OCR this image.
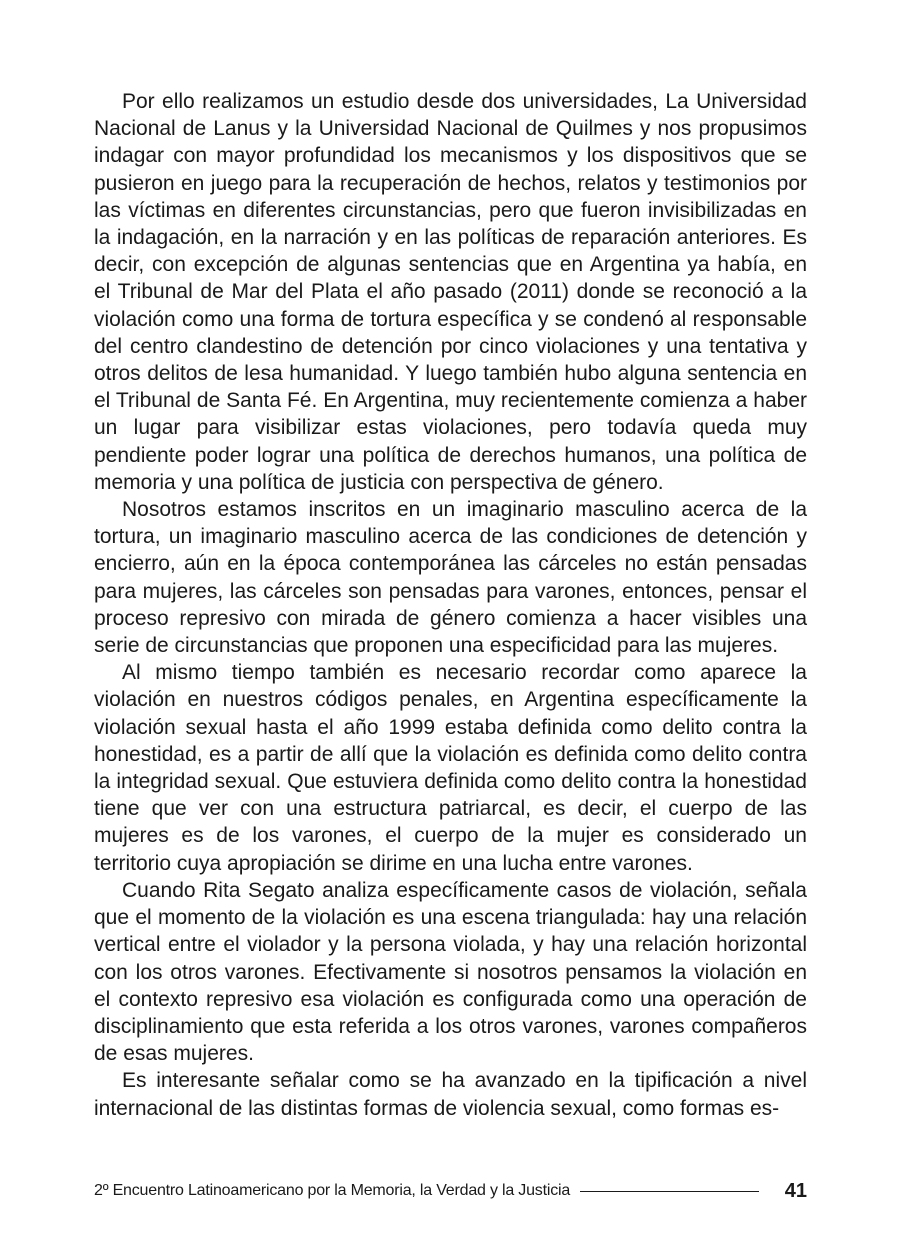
Por ello realizamos un estudio desde dos universidades, La Universidad Nacional de Lanus y la Universidad Nacional de Quilmes y nos propusimos indagar con mayor profundidad los mecanismos y los dispositivos que se pusieron en juego para la recuperación de hechos, relatos y testimonios por las víctimas en diferentes circunstancias, pero que fueron invisibilizadas en la indagación, en la narración y en las políticas de reparación anteriores. Es decir, con excepción de algunas sentencias que en Argentina ya había, en el Tribunal de Mar del Plata el año pasado (2011) donde se reconoció a la violación como una forma de tortura específica y se condenó al responsable del centro clandestino de detención por cinco violaciones y una tentativa y otros delitos de lesa humanidad. Y luego también hubo alguna sentencia en el Tribunal de Santa Fé. En Argentina, muy recientemente comienza a haber un lugar para visibilizar estas violaciones, pero todavía queda muy pendiente poder lograr una política de derechos humanos, una política de memoria y una política de justicia con perspectiva de género.

Nosotros estamos inscritos en un imaginario masculino acerca de la tortura, un imaginario masculino acerca de las condiciones de detención y encierro, aún en la época contemporánea las cárceles no están pensadas para mujeres, las cárceles son pensadas para varones, entonces, pensar el proceso represivo con mirada de género comienza a hacer visibles una serie de circunstancias que proponen una especificidad para las mujeres.

Al mismo tiempo también es necesario recordar como aparece la violación en nuestros códigos penales, en Argentina específicamente la violación sexual hasta el año 1999 estaba definida como delito contra la honestidad, es a partir de allí que la violación es definida como delito contra la integridad sexual. Que estuviera definida como delito contra la honestidad tiene que ver con una estructura patriarcal, es decir, el cuerpo de las mujeres es de los varones, el cuerpo de la mujer es considerado un territorio cuya apropiación se dirime en una lucha entre varones.

Cuando Rita Segato analiza específicamente casos de violación, señala que el momento de la violación es una escena triangulada: hay una relación vertical entre el violador y la persona violada, y hay una relación horizontal con los otros varones. Efectivamente si nosotros pensamos la violación en el contexto represivo esa violación es configurada como una operación de disciplinamiento que esta referida a los otros varones, varones compañeros de esas mujeres.

Es interesante señalar como se ha avanzado en la tipificación a nivel internacional de las distintas formas de violencia sexual, como formas es-

2º Encuentro Latinoamericano por la Memoria, la Verdad y la Justicia	41
